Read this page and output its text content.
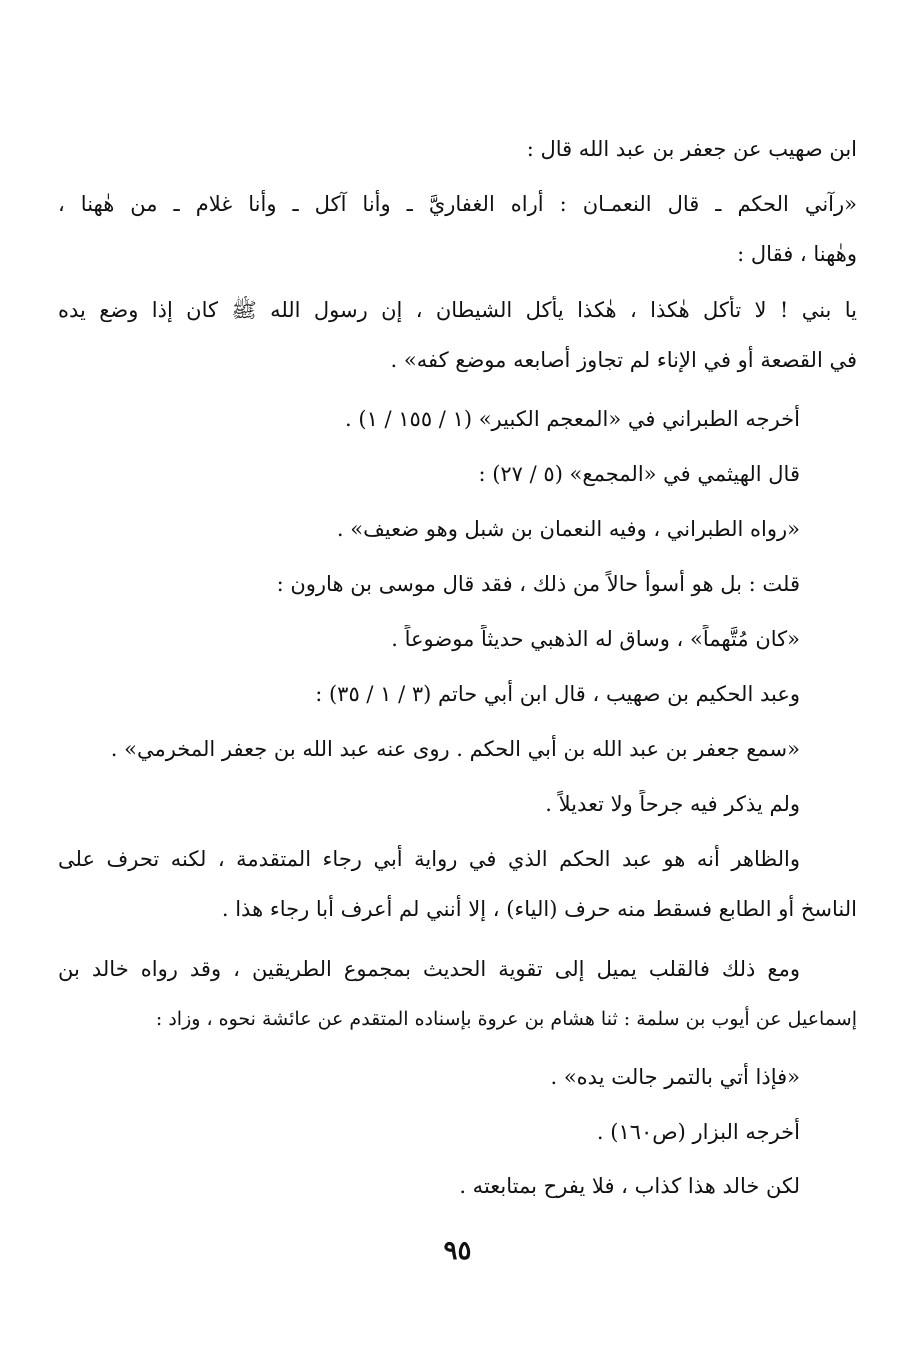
ابن صهيب عن جعفر بن عبد الله قال :
«رآني الحكم ـ قال النعمـان : أُراه الغفاريَّ ـ وأنا آكل ـ وأنا غلام ـ من هٰهنا ،
وهٰهنا ، فقال :
يا بني ! لا تأكل هٰكذا ، هٰكذا يأكل الشيطان ، إن رسول الله ﷺ كان إذا وضع يده
في القصعة أو في الإناء لم تجاوز أصابعه موضع كفه» .
أخرجه الطبراني في «المعجم الكبير» (١ / ١٥٥ / ١) .
قال الهيثمي في «المجمع» (٥ / ٢٧) :
«رواه الطبراني ، وفيه النعمان بن شبل وهو ضعيف» .
قلت : بل هو أسوأ حالاً من ذلك ، فقد قال موسى بن هارون :
«كان مُتَّهماً» ، وساق له الذهبي حديثاً موضوعاً .
وعبد الحكيم بن صهيب ، قال ابن أبي حاتم (٣ / ١ / ٣٥) :
«سمع جعفر بن عبد الله بن أبي الحكم . روى عنه عبد الله بن جعفر المخرمي» .
ولم يذكر فيه جرحاً ولا تعديلاً .
والظاهر أنه هو عبد الحكم الذي في رواية أبي رجاء المتقدمة ، لكنه تحرف على
الناسخ أو الطابع فسقط منه حرف (الياء) ، إلا أنني لم أعرف أبا رجاء هذا .
ومع ذلك فالقلب يميل إلى تقوية الحديث بمجموع الطريقين ، وقد رواه خالد بن
إسماعيل عن أيوب بن سلمة : ثنا هشام بن عروة بإسناده المتقدم عن عائشة نحوه ، وزاد :
«فإذا أتي بالتمر جالت يده» .
أخرجه البزار (ص١٦٠) .
لكن خالد هذا كذاب ، فلا يفرح بمتابعته .
٩٥
